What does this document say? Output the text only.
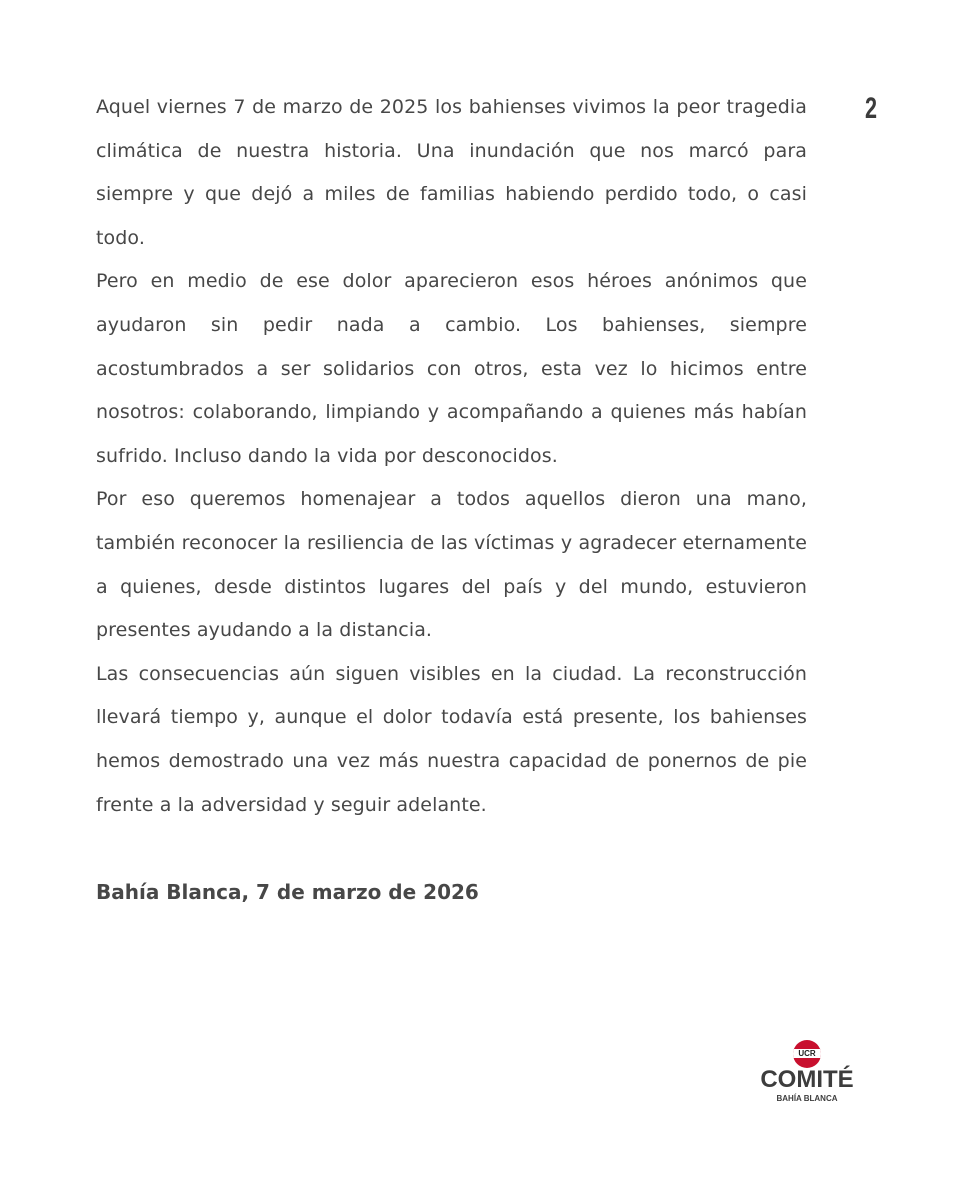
2

Aquel viernes 7 de marzo de 2025 los bahienses vivimos la peor tragedia climática de nuestra historia. Una inundación que nos marcó para siempre y que dejó a miles de familias habiendo perdido todo, o casi todo.

Pero en medio de ese dolor aparecieron esos héroes anónimos que ayudaron sin pedir nada a cambio. Los bahienses, siempre acostumbrados a ser solidarios con otros, esta vez lo hicimos entre nosotros: colaborando, limpiando y acompañando a quienes más habían sufrido. Incluso dando la vida por desconocidos.

Por eso queremos homenajear a todos aquellos dieron una mano, también reconocer la resiliencia de las víctimas y agradecer eternamente a quienes, desde distintos lugares del país y del mundo, estuvieron presentes ayudando a la distancia.

Las consecuencias aún siguen visibles en la ciudad. La reconstrucción llevará tiempo y, aunque el dolor todavía está presente, los bahienses hemos demostrado una vez más nuestra capacidad de ponernos de pie frente a la adversidad y seguir adelante.

Bahía Blanca, 7 de marzo de 2026

UCR
COMITÉ
BAHÍA BLANCA
